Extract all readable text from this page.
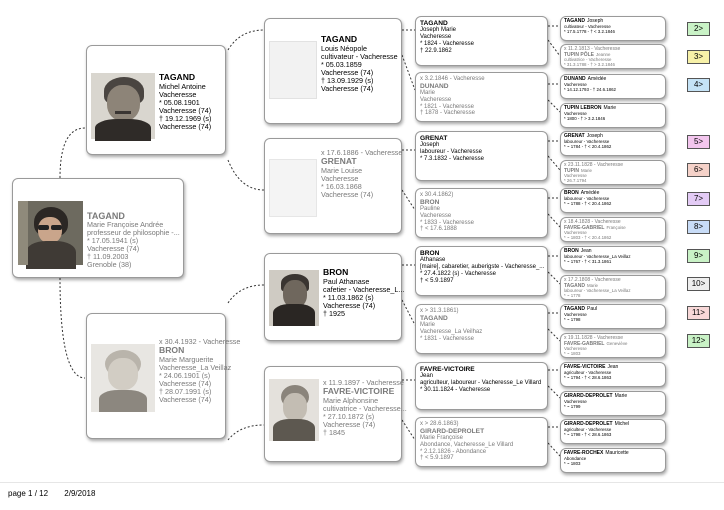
TAGAND
Marie Françoise Andrée
professeur de philosophie -...
* 17.05.1941 (s)
Vacheresse (74)
† 11.09.2003
Grenoble (38)
TAGAND
Michel Antoine
Vacheresse
* 05.08.1901
Vacheresse (74)
† 19.12.1969 (s)
Vacheresse (74)
x 30.4.1932 - Vacheresse
BRON
Marie Marguerite
Vacheresse_La Veillaz
* 24.06.1901 (s)
Vacheresse (74)
† 28.07.1991 (s)
Vacheresse (74)
TAGAND
Louis Néopole
cultivateur - Vacheresse
* 05.03.1859
Vacheresse (74)
† 13.09.1929 (s)
Vacheresse (74)
x 17.6.1886 - Vacheresse
GRENAT
Marie Louise
Vacheresse
* 16.03.1868
Vacheresse (74)
BRON
Paul Athanase
cafetier - Vacheresse_L...
* 11.03.1862 (s)
Vacheresse (74)
† 1925
x 11.9.1897 - Vacheresse
FAVRE-VICTOIRE
Marie Alphonsine
cultivatrice - Vacheresse...
* 27.10.1872 (s)
Vacheresse (74)
† 1845
TAGAND
Joseph Marie
Vacheresse
* 1824 - Vacheresse
† 22.9.1862
x 3.2.1846 - Vacheresse
DUNAND
Marie
Vacheresse
* 1821 - Vacheresse
† 1878 - Vacheresse
GRENAT
Joseph
laboureur - Vacheresse
* 7.3.1832 - Vacheresse
x 30.4.1862)
BRON
Pauline
Vacheresse
* 1833 - Vacheresse
† < 17.6.1888
BRON
Athanase
[maire], cabaretier, auberigste - Vacheresse_...
* 27.4.1822 (s) - Vacheresse
† < 5.9.1897
x > 31.3.1861)
TAGAND
Marie
Vacheresse_La Veilhaz
* 1831 - Vacheresse
FAVRE-VICTOIRE
Jean
agriculteur, laboureur - Vacheresse_Le Villard
* 30.11.1824 - Vacheresse
x > 28.6.1863)
GIRARD-DEPROLET
Marie Françoise
Abondance, Vacheresse_Le Villard
* 2.12.1826 - Abondance
† < 5.9.1897
TAGAND Joseph
cultivateur - Vacheresse
* 17.5.1778 - † < 3.2.1846
x 11.2.1813 - Vacheresse
TUPIN PÔLE Jeanne
cultivatrice - Vacheresse
* 31.3.1788 - † > 3.2.1846
DUNAND Amédée
Vacheresse
* 14.12.1793 - † 24.6.1862
TUPIN LEBRON Marie
Vacheresse
* 1800 - † > 3.2.1846
GRENAT Joseph
laboureur - Vacheresse
* ~ 1784 - † < 20.4.1862
x 23.11.1828 - Vacheresse
TUPIN Marie
Vacheresse
* 26.7.1794
BRON Amédée
laboureur - Vacheresse
* ~ 1788 - † < 20.4.1862
x 18.4.1828 - Vacheresse
FAVRE-GABRIEL Françoise
Vacheresse
* ~ 1803 - † < 20.4.1862
BRON Jean
laboureur - Vacheresse_La Veillaz
* ~ 1767 - † < 31.3.1861
x 17.2.1808 - Vacheresse
TAGAND Marie
laboureur - Vacheresse_La Veillaz
* ~ 1778
TAGAND Paul
Vacheresse
* ~ 1798
x 19.11.1828 - Vacheresse
FAVRE-GABRIEL Geneviève
Vacheresse
* ~ 1803
FAVRE-VICTOIRE Jean
agriculteur - Vacheresse
* ~ 1794 - † < 28.6.1863
GIRARD-DEPROLET Marie
Vacheresse
* ~ 1799
GIRARD-DEPROLET Michel
agriculteur - Vacheresse
* ~ 1798 - † < 28.6.1863
FAVRE-ROCHEX Mauricette
Abondance
* ~ 1803
2>
3>
4>
5>
6>
7>
8>
9>
10>
11>
12>
page 1 / 12 2/9/2018
